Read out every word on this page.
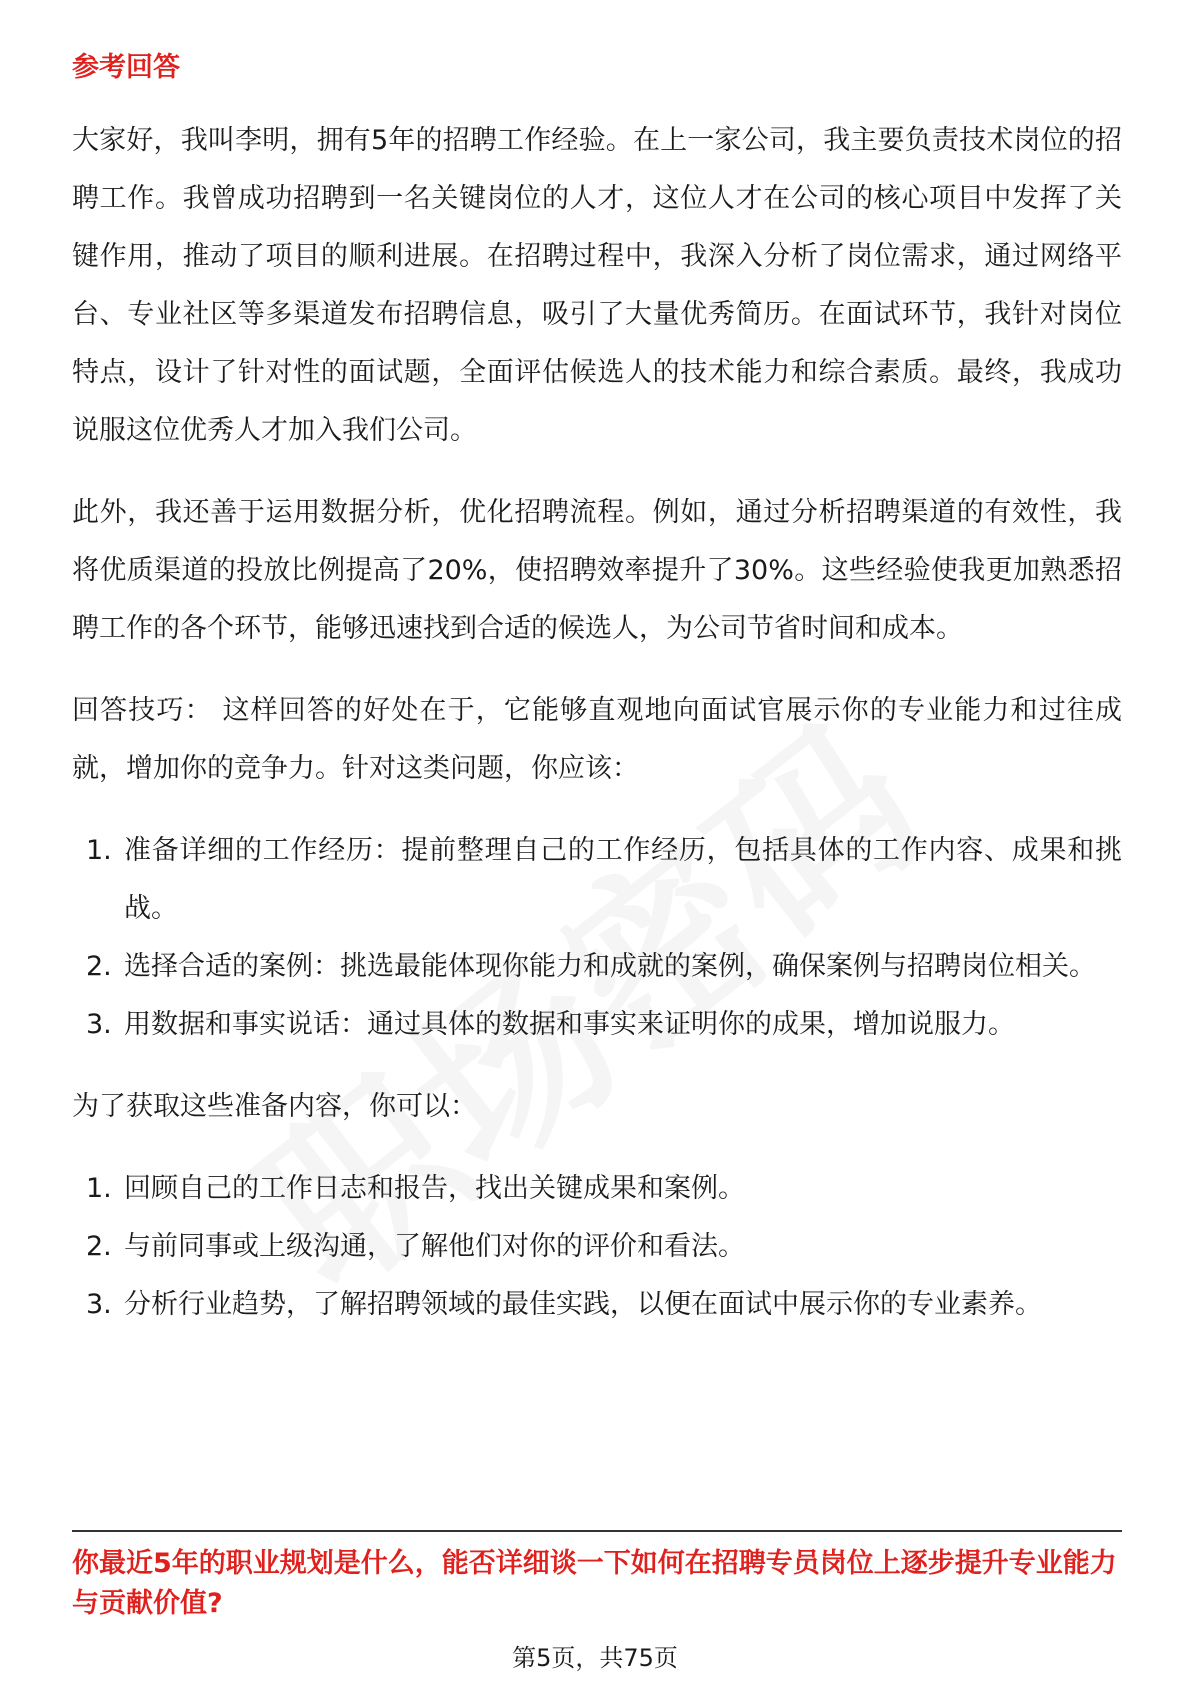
参考回答

大家好，我叫李明，拥有5年的招聘工作经验。在上一家公司，我主要负责技术岗位的招聘工作。我曾成功招聘到一名关键岗位的人才，这位人才在公司的核心项目中发挥了关键作用，推动了项目的顺利进展。在招聘过程中，我深入分析了岗位需求，通过网络平台、专业社区等多渠道发布招聘信息，吸引了大量优秀简历。在面试环节，我针对岗位特点，设计了针对性的面试题，全面评估候选人的技术能力和综合素质。最终，我成功说服这位优秀人才加入我们公司。

此外，我还善于运用数据分析，优化招聘流程。例如，通过分析招聘渠道的有效性，我将优质渠道的投放比例提高了20%，使招聘效率提升了30%。这些经验使我更加熟悉招聘工作的各个环节，能够迅速找到合适的候选人，为公司节省时间和成本。

回答技巧： 这样回答的好处在于，它能够直观地向面试官展示你的专业能力和过往成就，增加你的竞争力。针对这类问题，你应该：

1. 准备详细的工作经历：提前整理自己的工作经历，包括具体的工作内容、成果和挑战。
2. 选择合适的案例：挑选最能体现你能力和成就的案例，确保案例与招聘岗位相关。
3. 用数据和事实说话：通过具体的数据和事实来证明你的成果，增加说服力。

为了获取这些准备内容，你可以：

1. 回顾自己的工作日志和报告，找出关键成果和案例。
2. 与前同事或上级沟通，了解他们对你的评价和看法。
3. 分析行业趋势，了解招聘领域的最佳实践，以便在面试中展示你的专业素养。
你最近5年的职业规划是什么，能否详细谈一下如何在招聘专员岗位上逐步提升专业能力与贡献价值?
第5页，共75页
